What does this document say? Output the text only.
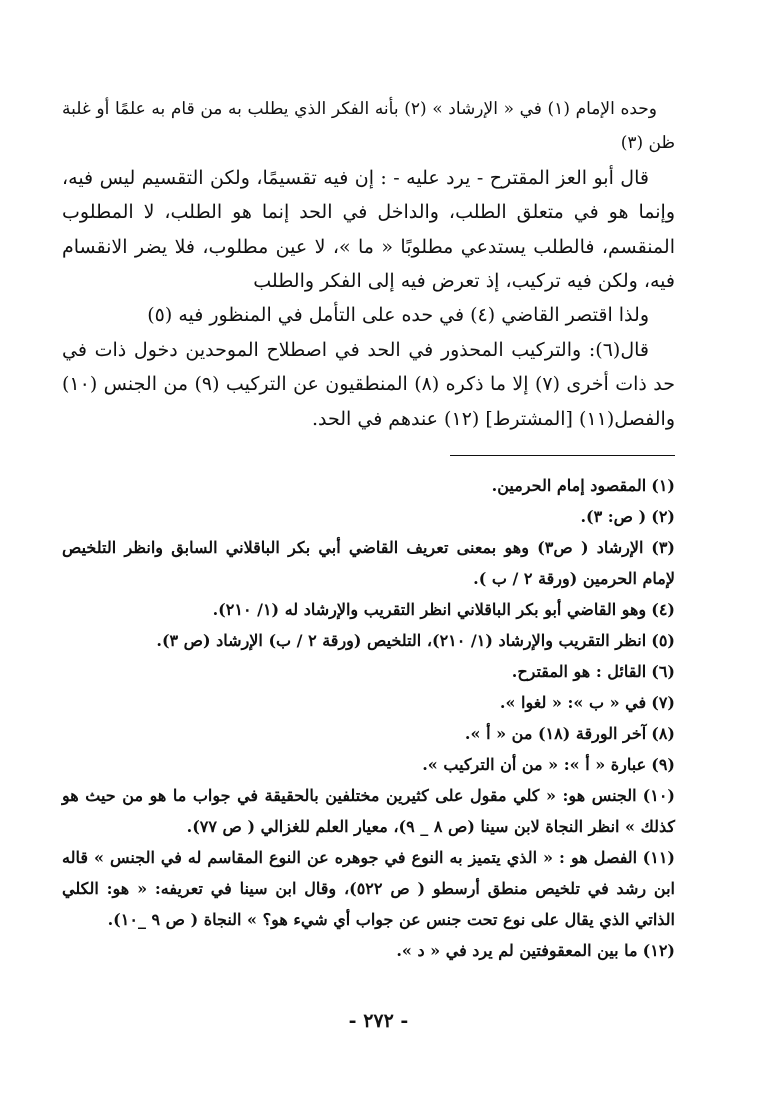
وحده الإمام (١) في « الإرشاد » (٢) بأنه الفكر الذي يطلب به من قام به علمًا أو غلبة ظن (٣)

قال أبو العز المقترح - يرد عليه - : إن فيه تقسيمًا، ولكن التقسيم ليس فيه، وإنما هو في متعلق الطلب، والداخل في الحد إنما هو الطلب، لا المطلوب المنقسم، فالطلب يستدعي مطلوبًا « ما »، لا عين مطلوب، فلا يضر الانقسام فيه، ولكن فيه تركيب، إذ تعرض فيه إلى الفكر والطلب

ولذا اقتصر القاضي (٤) في حده على التأمل في المنظور فيه (٥)

قال(٦): والتركيب المحذور في الحد في اصطلاح الموحدين دخول ذات في حد ذات أخرى (٧) إلا ما ذكره (٨) المنطقيون عن التركيب (٩) من الجنس (١٠) والفصل(١١) [المشترط] (١٢) عندهم في الحد.

(١) المقصود إمام الحرمين.

(٢) ( ص: ٣).

(٣) الإرشاد ( ص٣) وهو بمعنى تعريف القاضي أبي بكر الباقلاني السابق وانظر التلخيص لإمام الحرمين (ورقة ٢ / ب ).

(٤) وهو القاضي أبو بكر الباقلاني انظر التقريب والإرشاد له (١/ ٢١٠).

(٥) انظر التقريب والإرشاد (١/ ٢١٠)، التلخيص (ورقة ٢ / ب) الإرشاد (ص ٣).

(٦) القائل : هو المقترح.

(٧) في « ب »: « لغوا ».

(٨) آخر الورقة (١٨) من « أ ».

(٩) عبارة « أ »: « من أن التركيب ».

(١٠) الجنس هو: « كلي مقول على كثيرين مختلفين بالحقيقة في جواب ما هو من حيث هو كذلك » انظر النجاة لابن سينا (ص ٨ _ ٩)، معيار العلم للغزالي ( ص ٧٧).

(١١) الفصل هو : « الذي يتميز به النوع في جوهره عن النوع المقاسم له في الجنس » قاله ابن رشد في تلخيص منطق أرسطو ( ص ٥٢٢)، وقال ابن سينا في تعريفه: « هو: الكلي الذاتي الذي يقال على نوع تحت جنس عن جواب أي شيء هو؟ » النجاة ( ص ٩ _١٠).

(١٢) ما بين المعقوفتين لم يرد في « د ».

- ٢٧٢ -
